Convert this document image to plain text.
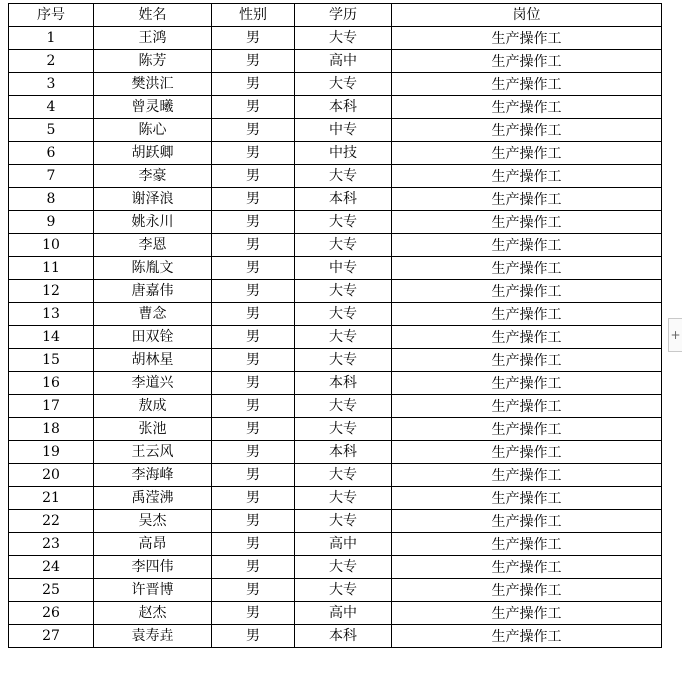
序号	姓名	性别	学历	岗位
1	王鸿	男	大专	生产操作工
2	陈芳	男	高中	生产操作工
3	樊洪汇	男	大专	生产操作工
4	曾灵曦	男	本科	生产操作工
5	陈心	男	中专	生产操作工
6	胡跃卿	男	中技	生产操作工
7	李豪	男	大专	生产操作工
8	谢泽浪	男	本科	生产操作工
9	姚永川	男	大专	生产操作工
10	李恩	男	大专	生产操作工
11	陈胤文	男	中专	生产操作工
12	唐嘉伟	男	大专	生产操作工
13	曹念	男	大专	生产操作工
14	田双铨	男	大专	生产操作工
15	胡林星	男	大专	生产操作工
16	李道兴	男	本科	生产操作工
17	敖成	男	大专	生产操作工
18	张池	男	大专	生产操作工
19	王云风	男	本科	生产操作工
20	李海峰	男	大专	生产操作工
21	禹滢沸	男	大专	生产操作工
22	吴杰	男	大专	生产操作工
23	高昂	男	高中	生产操作工
24	李四伟	男	大专	生产操作工
25	许晋博	男	大专	生产操作工
26	赵杰	男	高中	生产操作工
27	袁寿垚	男	本科	生产操作工
+
